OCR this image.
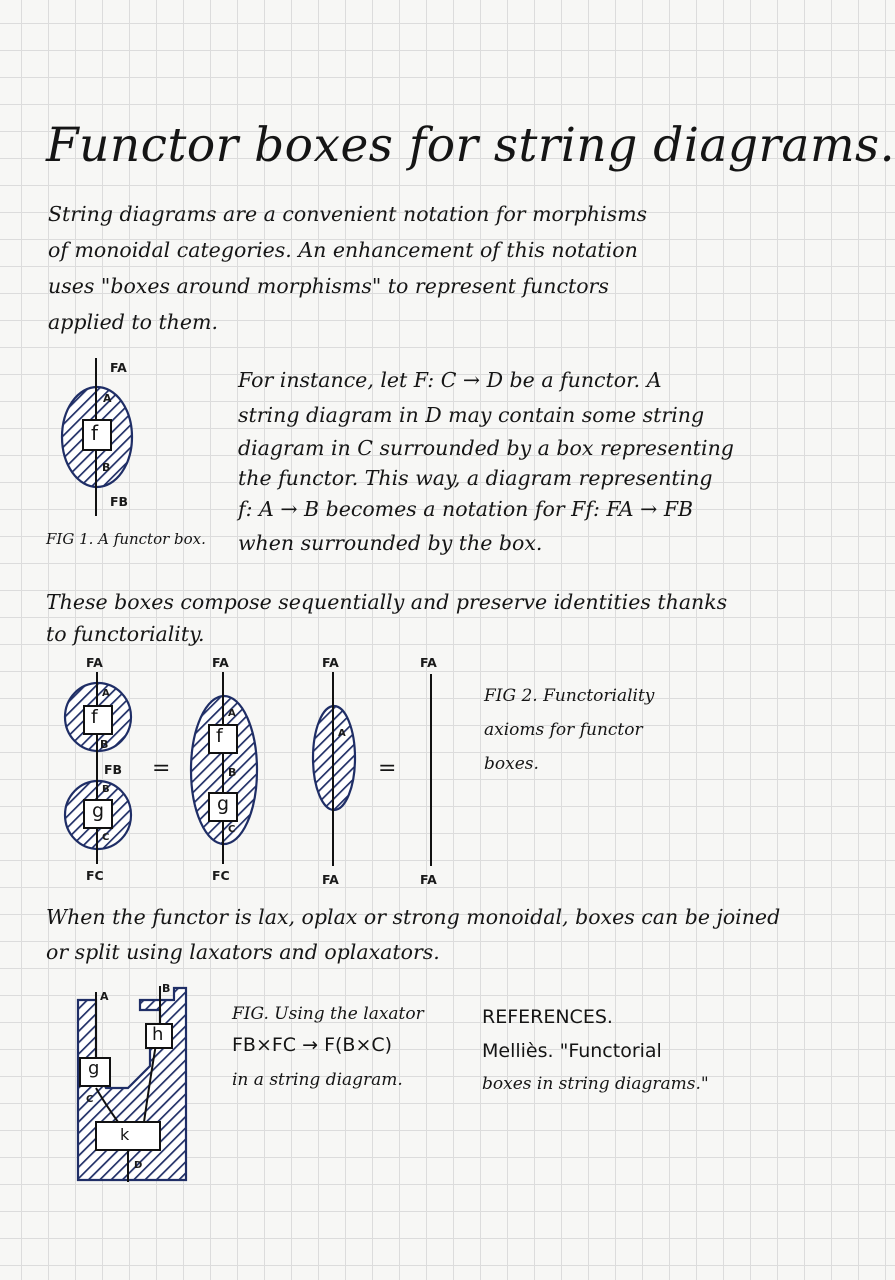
Functor boxes for string diagrams.
String diagrams are a convenient notation for morphisms
of monoidal categories. An enhancement of this notation
uses "boxes around morphisms" to represent functors
applied to them.
FA
A
f
B
FB
FIG 1. A functor box.
For instance, let F: C → D be a functor. A
string diagram in D may contain some string
diagram in C surrounded by a box representing
the functor. This way, a diagram representing
f: A → B becomes a notation for Ff: FA → FB
when surrounded by the box.
These boxes compose sequentially and preserve identities thanks
to functoriality.
FA
A
f
B
FB
B
g
C
FC
=
FA
A
f
B
g
C
FC
=
FA
A
FA
FA
FA
FIG 2. Functoriality
axioms for functor
boxes.
When the functor is lax, oplax or strong monoidal, boxes can be joined
or split using laxators and oplaxators.
A
B
g
h
C
k
D
FIG. Using the laxator
FB×FC → F(B×C)
in a string diagram.
REFERENCES.
Melliès. "Functorial
boxes in string diagrams."
